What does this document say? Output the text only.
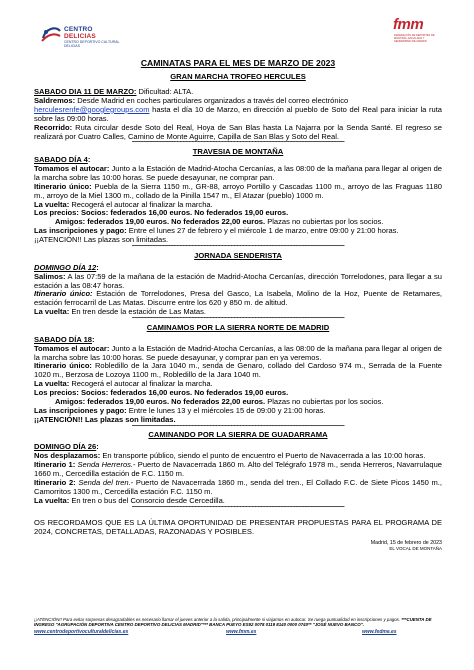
CENTRO
DELICIAS
CENTRO DEPORTIVO CULTURAL DELICIAS
fmm
FEDERACIÓN DE DEPORTES DE MONTAÑA, ESCALADA Y SENDERISMO DE MADRID

CAMINATAS PARA EL MES DE MARZO DE 2023

GRAN MARCHA TROFEO HERCULES

SABADO DIA 11 DE MARZO: Dificultad: ALTA.

Saldremos: Desde Madrid en coches particulares organizados a través del correo electrónico
herculesrenfe@googlegroups.com hasta el día 10 de Marzo, en dirección al pueblo de Soto del Real para iniciar la ruta sobre las 09:00 horas.

Recorrido: Ruta circular desde Soto del Real, Hoya de San Blas hasta La Najarra por la Senda Santé. El regreso se realizará por Cuatro Calles, Camino de Monte Aguirre, Capilla de San Blas y Soto del Real.

**********************************************************************************************************************************************

TRAVESIA DE MONTAÑA

SABADO DÍA 4:

Tomamos el autocar: Junto a la Estación de Madrid-Atocha Cercanías, a las 08:00 de la mañana para llegar al origen de la marcha sobre las 10:00 horas. Se puede desayunar, ne comprar pan.

Itinerario único: Puebla de la Sierra 1150 m., GR-88, arroyo Portillo y Cascadas 1100 m., arroyo de las Fraguas 1180 m., arroyo de la Miel 1300 m., collado de la Pinilla 1547 m., El Atazar (pueblo) 1000 m.

La vuelta: Recogerá el autocar al finalizar la marcha.

Los precios: Socios: federados 16,00 euros. No federados 19,00 euros.

Amigos: federados 19,00 euros. No federados 22,00 euros. Plazas no cubiertas por los socios.

Las inscripciones y pago: Entre el lunes 27 de febrero y el miércole 1 de marzo, entre 09:00 y 21:00 horas.

¡¡ATENCIÓN!! Las plazas son limitadas.

**********************************************************************************************************************************************

JORNADA SENDERISTA

DOMINGO DÍA 12:

Salimos: A las 07:59 de la mañana de la estación de Madrid-Atocha Cercanías, dirección Torrelodones, para llegar a su estación a las 08:47 horas.

Itinerario único: Estación de Torrelodones, Presa del Gasco, La Isabela, Molino de la Hoz, Puente de Retamares, estación ferrocarril de Las Matas. Discurre entre los 620 y 850 m. de altitud.

La vuelta: En tren desde la estación de Las Matas.

**********************************************************************************************************************************************

CAMINAMOS POR LA SIERRA NORTE DE MADRID

SABADO DÍA 18:

Tomamos el autocar: Junto a la Estación de Madrid-Atocha Cercanías, a las 08:00 de la mañana para llegar al origen de la marcha sobre las 10:00 horas. Se puede desayunar, y comprar pan en ya veremos.

Itinerario único: Robledillo de la Jara 1040 m., senda de Genaro, collado del Cardoso 974 m., Serrada de la Fuente 1020 m., Berzosa de Lozoya 1100 m., Robledillo de la Jara 1040 m.

La vuelta: Recogerá el autocar al finalizar la marcha.

Los precios: Socios: federados 16,00 euros. No federados 19,00 euros.

Amigos: federados 19,00 euros. No federados 22,00 euros. Plazas no cubiertas por los socios.

Las inscripciones y pago: Entre le lunes 13 y el miércoles 15 de 09:00 y 21:00 horas.

¡¡ATENCIÓN!! Las plazas son limitadas.

**********************************************************************************************************************************************

CAMINANDO POR LA SIERRA DE GUADARRAMA

DOMINGO DÍA 26:

Nos desplazamos: En transporte público, siendo el punto de encuentro el Puerto de Navacerrada a las 10:00 horas.

Itinerario 1: Senda Herreros.- Puerto de Navacerrada 1860 m. Alto del Telégrafo 1978 m., senda Herreros, Navarrulaque 1660 m., Cercedilla estación de F.C. 1150 m.

Itinerario 2: Senda del tren.- Puerto de Navacerrada 1860 m., senda del tren., El Collado F.C. de Siete Picos 1450 m., Camorritos 1300 m., Cercedilla estación F.C. 1150 m.

La vuelta: En tren o bus del Consorcio desde Cercedilla.

**********************************************************************************************************************************************

OS RECORDAMOS QUE ES LA ÚLTIMA OPORTUNIDAD DE PRESENTAR PROPUESTAS PARA EL PROGRAMA DE 2024, CONCRETAS, DETALLADAS, RAZONADAS Y POSIBLES.

Madrid, 15 de febrero de 2023

EL VOCAL DE MONTAÑA

¡¡ATENCIÓN!! Para evitar sorpresas desagradables es necesario llamar el jueves anterior a la salida, principalmente si viajamos en autocar. Se ruega puntualidad en inscripciones y pagos. ***CUENTA DE INGRESO "AGRUPACIÓN DEPORTIVA CENTRO DEPORTIVO DELICIAS MADRID"*** BANCA PUEYO ES92 0078 0119 8140 0000 0740** "JOSÉ NUEVO BANCO".

www.centrodeportivoculturaldelicias.es	www.fmm.es	www.fedme.es
